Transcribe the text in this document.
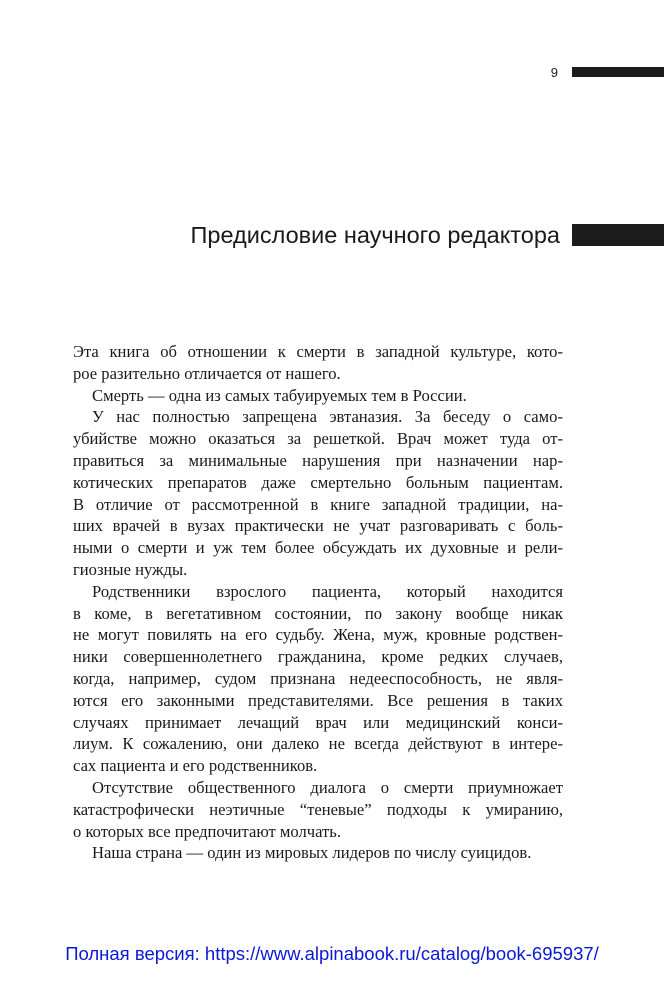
9
Предисловие научного редактора
Эта книга об отношении к смерти в западной культуре, кото-
рое разительно отличается от нашего.
Смерть — одна из самых табуируемых тем в России.
У нас полностью запрещена эвтаназия. За беседу о само-
убийстве можно оказаться за решеткой. Врач может туда от-
правиться за минимальные нарушения при назначении нар-
котических препаратов даже смертельно больным пациентам.
В отличие от рассмотренной в книге западной традиции, на-
ших врачей в вузах практически не учат разговаривать с боль-
ными о смерти и уж тем более обсуждать их духовные и рели-
гиозные нужды.
Родственники взрослого пациента, который находится
в коме, в вегетативном состоянии, по закону вообще никак
не могут повилять на его судьбу. Жена, муж, кровные родствен-
ники совершеннолетнего гражданина, кроме редких случаев,
когда, например, судом признана недееспособность, не явля-
ются его законными представителями. Все решения в таких
случаях принимает лечащий врач или медицинский конси-
лиум. К сожалению, они далеко не всегда действуют в интере-
сах пациента и его родственников.
Отсутствие общественного диалога о смерти приумножает
катастрофически неэтичные “теневые” подходы к умиранию,
о которых все предпочитают молчать.
Наша страна — один из мировых лидеров по числу суицидов.
Полная версия: https://www.alpinabook.ru/catalog/book-695937/
